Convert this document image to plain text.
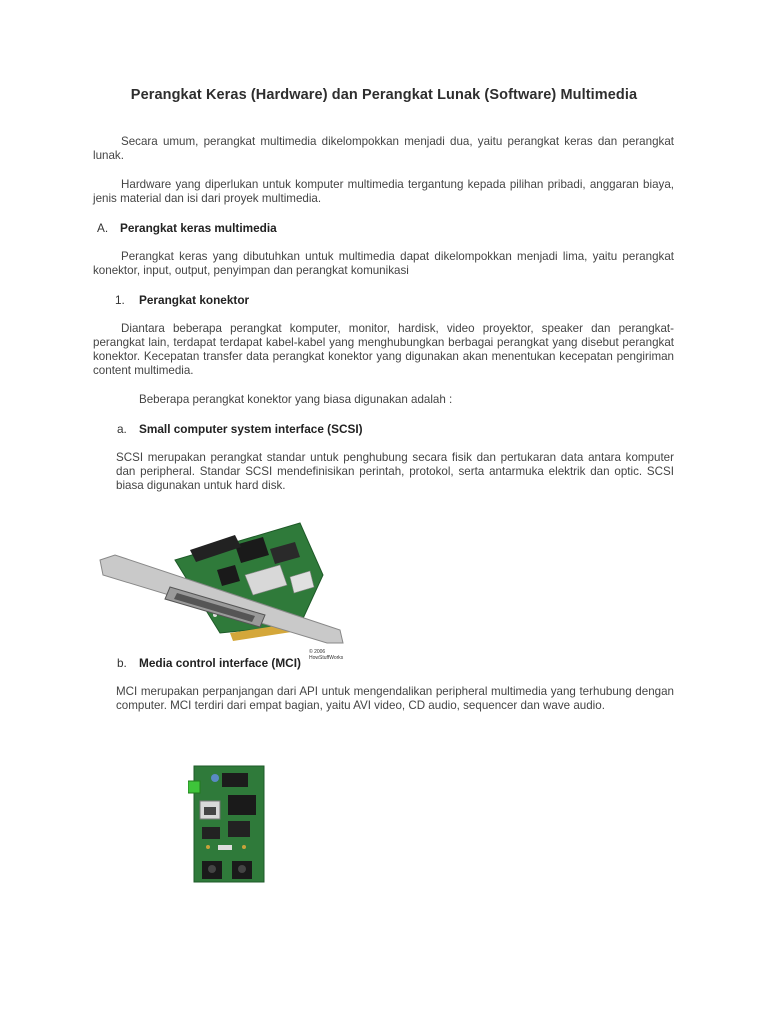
Perangkat Keras (Hardware) dan Perangkat Lunak (Software) Multimedia
Secara umum, perangkat multimedia dikelompokkan menjadi dua, yaitu perangkat keras dan perangkat lunak.
Hardware yang diperlukan untuk komputer multimedia tergantung kepada pilihan pribadi, anggaran biaya, jenis material dan isi dari proyek multimedia.
A. Perangkat keras multimedia
Perangkat keras yang dibutuhkan untuk multimedia dapat dikelompokkan menjadi lima, yaitu perangkat konektor, input, output, penyimpan dan perangkat komunikasi
1. Perangkat konektor
Diantara beberapa perangkat komputer, monitor, hardisk, video proyektor, speaker dan perangkat-perangkat lain, terdapat terdapat kabel-kabel yang menghubungkan berbagai perangkat yang disebut perangkat konektor. Kecepatan transfer data perangkat konektor yang digunakan akan menentukan kecepatan pengiriman content multimedia.
Beberapa perangkat konektor yang biasa digunakan adalah :
a. Small computer system interface (SCSI)
SCSI merupakan perangkat standar untuk penghubung secara fisik dan pertukaran data antara komputer dan peripheral. Standar SCSI mendefinisikan perintah, protokol, serta antarmuka elektrik dan optic. SCSI biasa digunakan untuk hard disk.
© 2006 HowStuffWorks
b. Media control interface (MCI)
MCI merupakan perpanjangan dari API untuk mengendalikan peripheral multimedia yang terhubung dengan computer. MCI terdiri dari empat bagian, yaitu AVI video, CD audio, sequencer dan wave audio.
